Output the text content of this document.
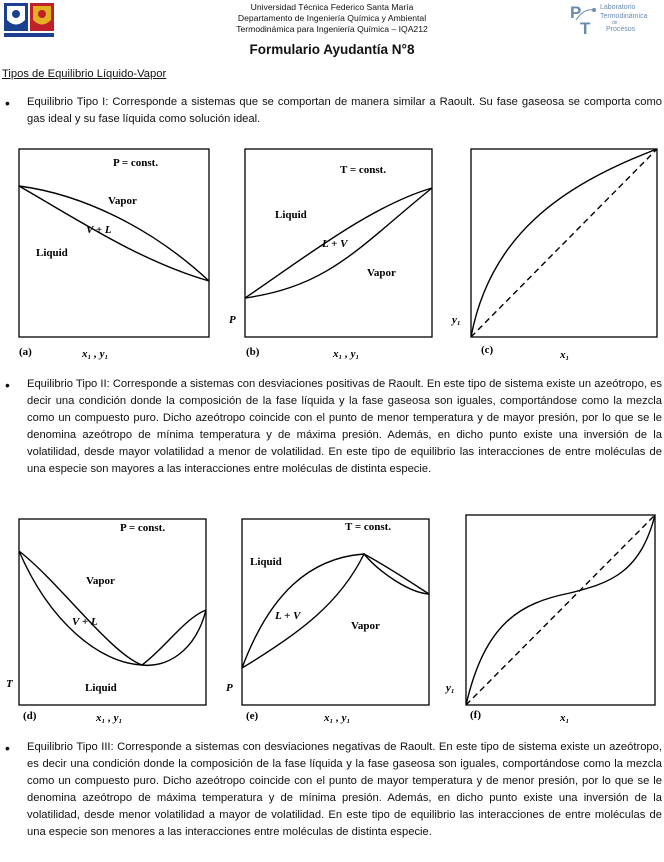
Universidad Técnica Federico Santa María
Departamento de Ingeniería Química y Ambiental
Termodinámica para Ingeniería Química – IQA212
P
T
Laboratorio
Termodinámica
de
Procesos
Formulario Ayudantía N°8
Tipos de Equilibrio Líquido-Vapor
• Equilibrio Tipo I: Corresponde a sistemas que se comportan de manera similar a Raoult. Su fase gaseosa se comporta como gas ideal y su fase líquida como solución ideal.
P = const.
Vapor
V + L
Liquid
(a)	x₁ , y₁
T = const.
Liquid
L + V
Vapor
P
(b)	x₁ , y₁
y₁
(c)	x₁
• Equilibrio Tipo II: Corresponde a sistemas con desviaciones positivas de Raoult. En este tipo de sistema existe un azeótropo, es decir una condición donde la composición de la fase líquida y la fase gaseosa son iguales, comportándose como la mezcla como un compuesto puro. Dicho azeótropo coincide con el punto de menor temperatura y de mayor presión, por lo que se le denomina azeótropo de mínima temperatura y de máxima presión. Además, en dicho punto existe una inversión de la volatilidad, desde mayor volatilidad a menor de volatilidad. En este tipo de equilibrio las interacciones de entre moléculas de una especie son mayores a las interacciones entre moléculas de distinta especie.
P = const.
Vapor
V + L
Liquid
T
(d)	x₁ , y₁
T = const.
Liquid
L + V
Vapor
P
(e)	x₁ , y₁
y₁
(f)	x₁
• Equilibrio Tipo III: Corresponde a sistemas con desviaciones negativas de Raoult. En este tipo de sistema existe un azeótropo, es decir una condición donde la composición de la fase líquida y la fase gaseosa son iguales, comportándose como la mezcla como un compuesto puro. Dicho azeótropo coincide con el punto de mayor temperatura y de menor presión, por lo que se le denomina azeótropo de máxima temperatura y de mínima presión. Además, en dicho punto existe una inversión de la volatilidad, desde menor volatilidad a mayor de volatilidad. En este tipo de equilibrio las interacciones de entre moléculas de una especie son menores a las interacciones entre moléculas de distinta especie.
